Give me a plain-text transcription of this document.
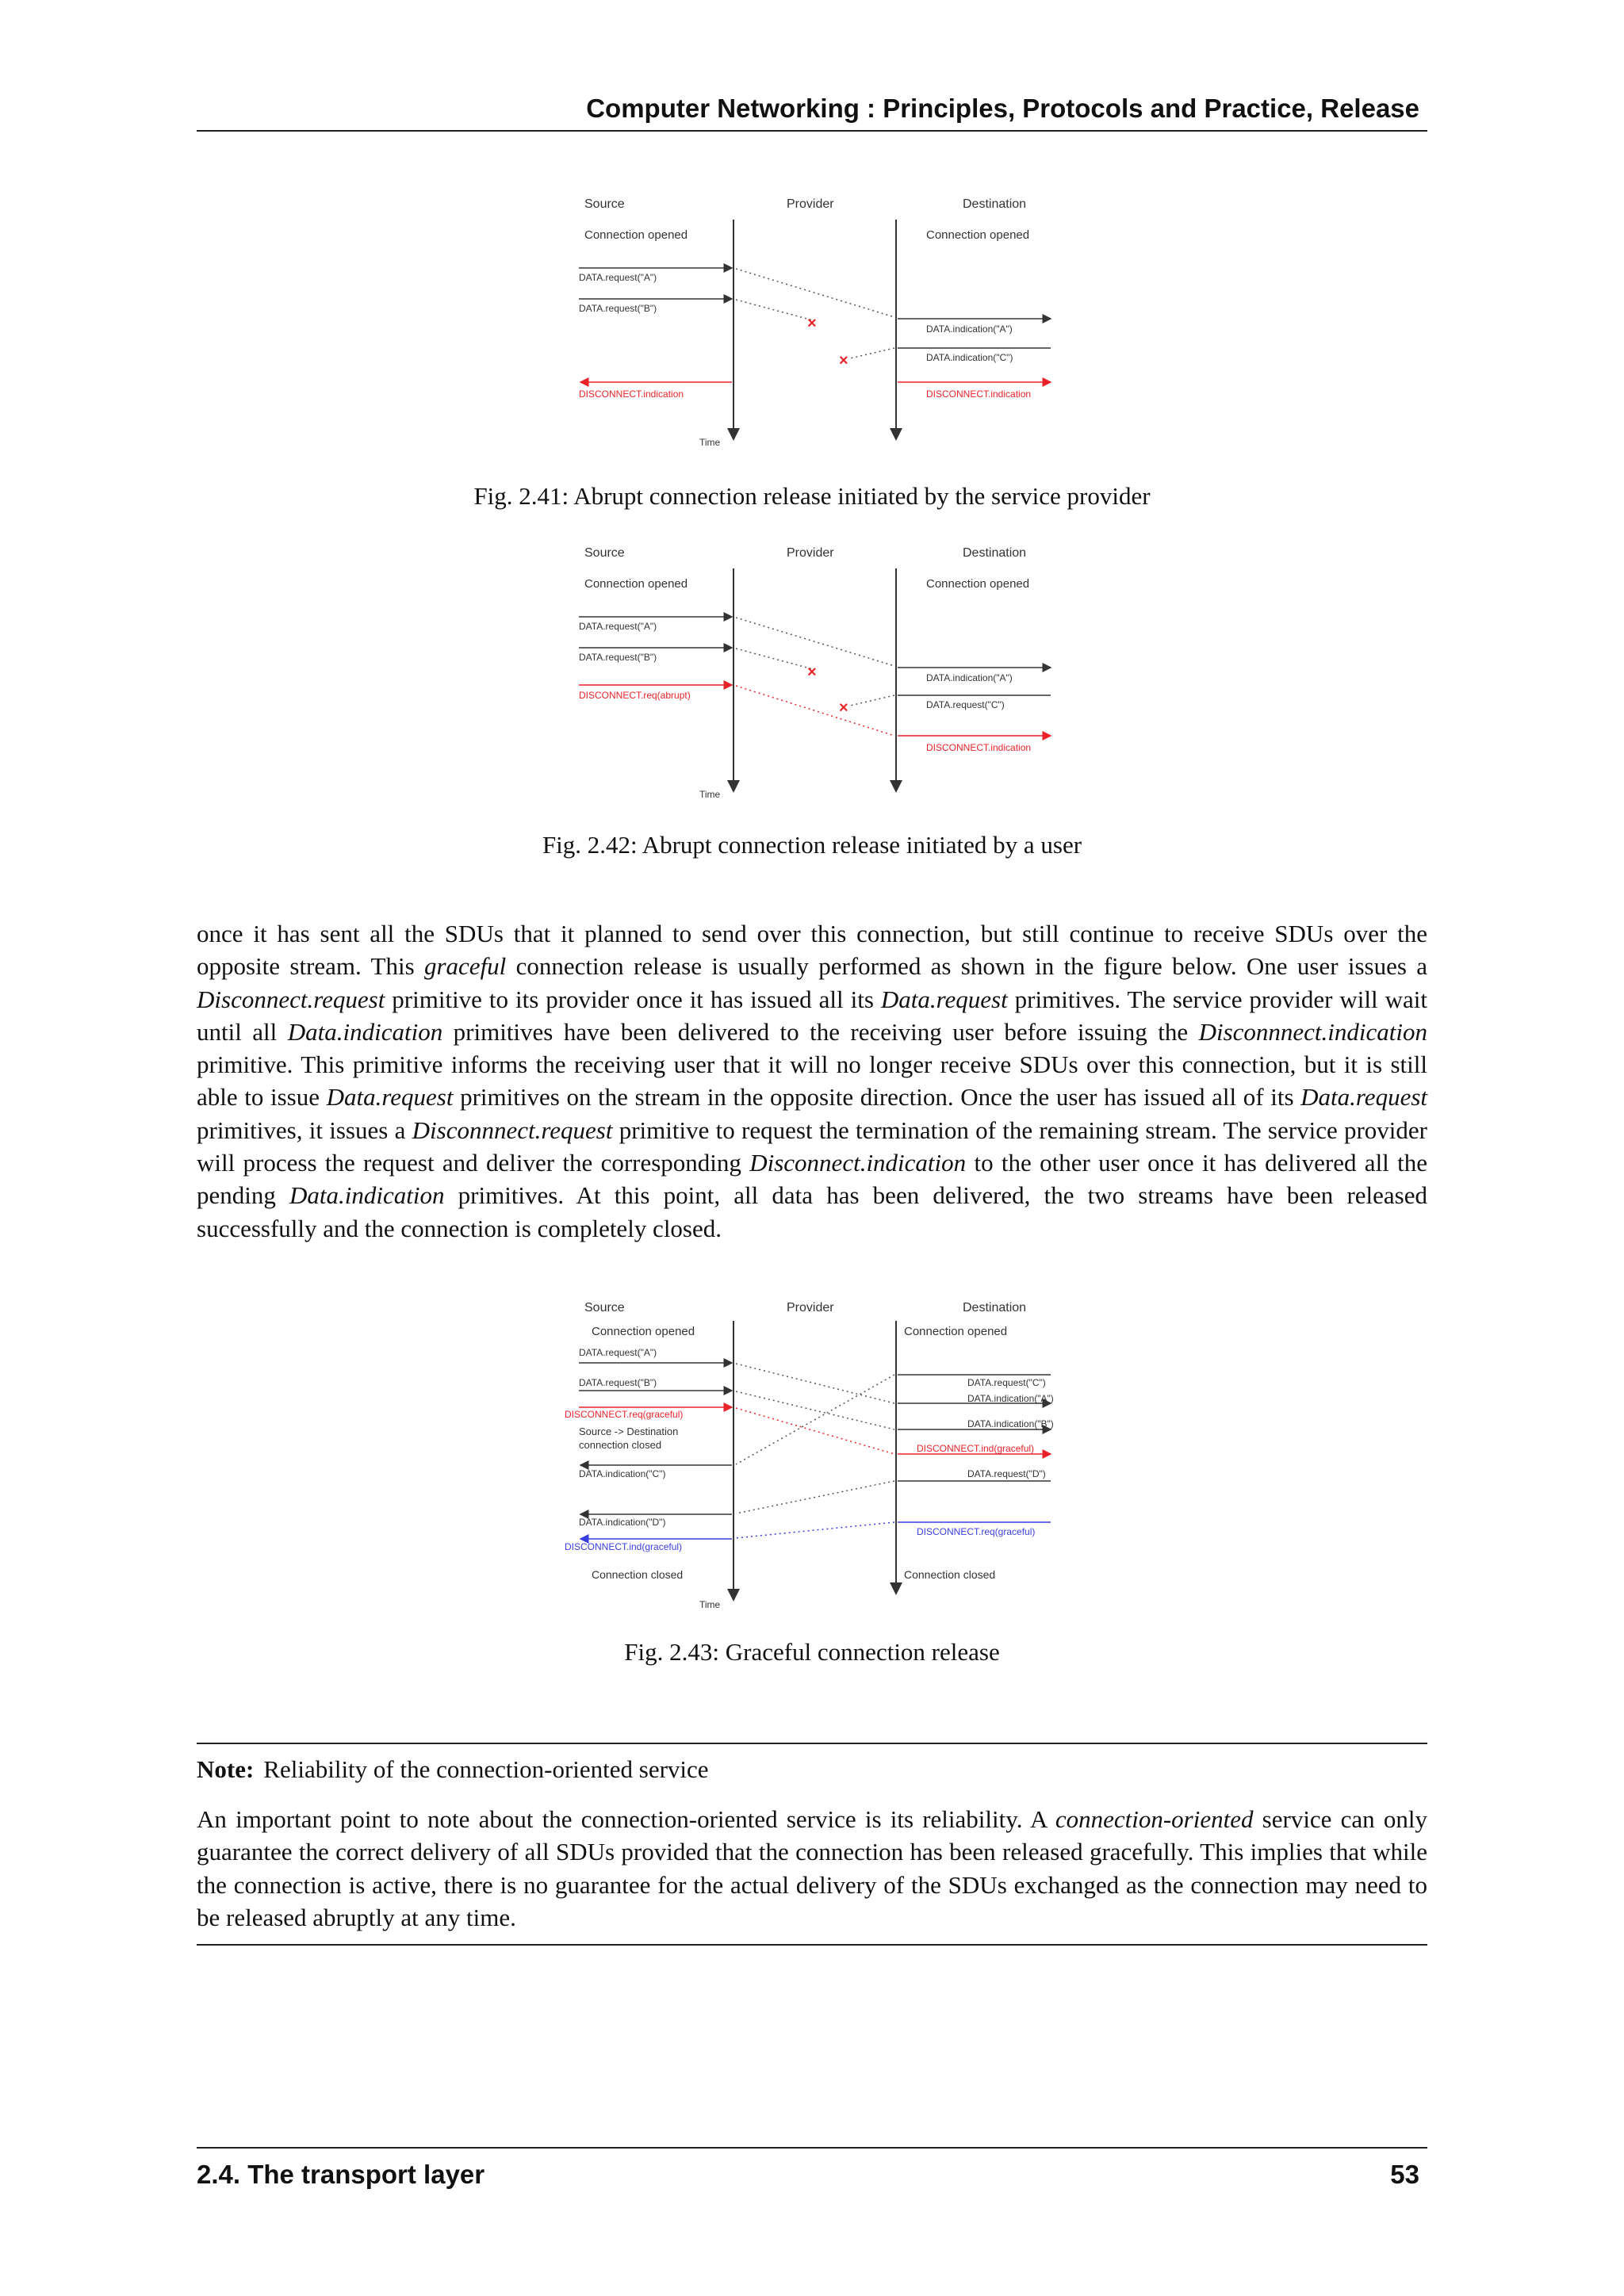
Computer Networking : Principles, Protocols and Practice, Release
Source	Provider	Destination
Connection opened	Connection opened
Time
DATA.request("A")
DATA.request("B")
×	DATA.indication("A")
×	DATA.indication("C")
DISCONNECT.indication	DISCONNECT.indication
Fig. 2.41: Abrupt connection release initiated by the service provider
Source	Provider	Destination
Connection opened	Connection opened
Time
DATA.request("A")
DATA.request("B")
DISCONNECT.req(abrupt)
×	DATA.indication("A")
×	DATA.request("C")
DISCONNECT.indication
Fig. 2.42: Abrupt connection release initiated by a user

once it has sent all the SDUs that it planned to send over this connection, but still continue to receive SDUs over the opposite stream. This graceful connection release is usually performed as shown in the figure below. One user issues a Disconnect.request primitive to its provider once it has issued all its Data.request primitives. The service provider will wait until all Data.indication primitives have been delivered to the receiving user before issuing the Disconnnect.indication primitive. This primitive informs the receiving user that it will no longer receive SDUs over this connection, but it is still able to issue Data.request primitives on the stream in the opposite direction. Once the user has issued all of its Data.request primitives, it issues a Disconnnect.request primitive to request the termination of the remaining stream. The service provider will process the request and deliver the corresponding Disconnect.indication to the other user once it has delivered all the pending Data.indication primitives. At this point, all data has been delivered, the two streams have been released successfully and the connection is completely closed.

Source	Provider	Destination
Connection opened	Connection opened
Time
DATA.request("A")
DATA.request("B")
DISCONNECT.req(graceful)
Source -> Destination
connection closed
DATA.indication("C")
DATA.indication("D")
DISCONNECT.ind(graceful)
Connection closed
DATA.request("C")
DATA.indication("A")
DATA.indication("B")
DISCONNECT.ind(graceful)
DATA.request("D")
DISCONNECT.req(graceful)
Connection closed
Fig. 2.43: Graceful connection release
Note: Reliability of the connection-oriented service

An important point to note about the connection-oriented service is its reliability. A connection-oriented service can only guarantee the correct delivery of all SDUs provided that the connection has been released gracefully. This implies that while the connection is active, there is no guarantee for the actual delivery of the SDUs exchanged as the connection may need to be released abruptly at any time.

2.4. The transport layer	53
